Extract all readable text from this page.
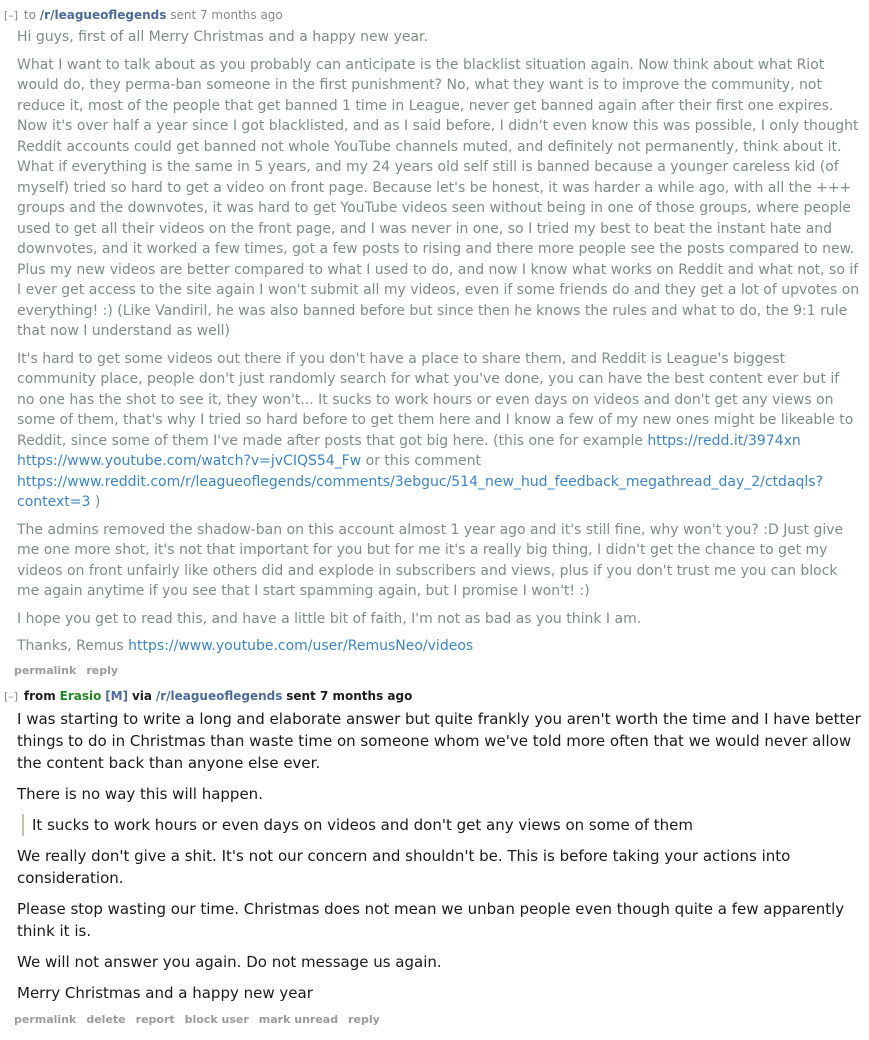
[–] to /r/leagueoflegends sent 7 months ago

Hi guys, first of all Merry Christmas and a happy new year.

What I want to talk about as you probably can anticipate is the blacklist situation again. Now think about what Riot would do, they perma-ban someone in the first punishment? No, what they want is to improve the community, not reduce it, most of the people that get banned 1 time in League, never get banned again after their first one expires. Now it's over half a year since I got blacklisted, and as I said before, I didn't even know this was possible, I only thought Reddit accounts could get banned not whole YouTube channels muted, and definitely not permanently, think about it. What if everything is the same in 5 years, and my 24 years old self still is banned because a younger careless kid (of myself) tried so hard to get a video on front page. Because let's be honest, it was harder a while ago, with all the +++ groups and the downvotes, it was hard to get YouTube videos seen without being in one of those groups, where people used to get all their videos on the front page, and I was never in one, so I tried my best to beat the instant hate and downvotes, and it worked a few times, got a few posts to rising and there more people see the posts compared to new. Plus my new videos are better compared to what I used to do, and now I know what works on Reddit and what not, so if I ever get access to the site again I won't submit all my videos, even if some friends do and they get a lot of upvotes on everything! :) (Like Vandiril, he was also banned before but since then he knows the rules and what to do, the 9:1 rule that now I understand as well)

It's hard to get some videos out there if you don't have a place to share them, and Reddit is League's biggest community place, people don't just randomly search for what you've done, you can have the best content ever but if no one has the shot to see it, they won't... It sucks to work hours or even days on videos and don't get any views on some of them, that's why I tried so hard before to get them here and I know a few of my new ones might be likeable to Reddit, since some of them I've made after posts that got big here. (this one for example https://redd.it/3974xn https://www.youtube.com/watch?v=jvCIQS54_Fw or this comment https://www.reddit.com/r/leagueoflegends/comments/3ebguc/514_new_hud_feedback_megathread_day_2/ctdaqls?context=3 )

The admins removed the shadow-ban on this account almost 1 year ago and it's still fine, why won't you? :D Just give me one more shot, it's not that important for you but for me it's a really big thing, I didn't get the chance to get my videos on front unfairly like others did and explode in subscribers and views, plus if you don't trust me you can block me again anytime if you see that I start spamming again, but I promise I won't! :)

I hope you get to read this, and have a little bit of faith, I'm not as bad as you think I am.

Thanks, Remus https://www.youtube.com/user/RemusNeo/videos

permalink reply
[–] from Erasio [M] via /r/leagueoflegends sent 7 months ago

I was starting to write a long and elaborate answer but quite frankly you aren't worth the time and I have better things to do in Christmas than waste time on someone whom we've told more often that we would never allow the content back than anyone else ever.

There is no way this will happen.

It sucks to work hours or even days on videos and don't get any views on some of them

We really don't give a shit. It's not our concern and shouldn't be. This is before taking your actions into consideration.

Please stop wasting our time. Christmas does not mean we unban people even though quite a few apparently think it is.

We will not answer you again. Do not message us again.

Merry Christmas and a happy new year

permalink delete report block user mark unread reply
